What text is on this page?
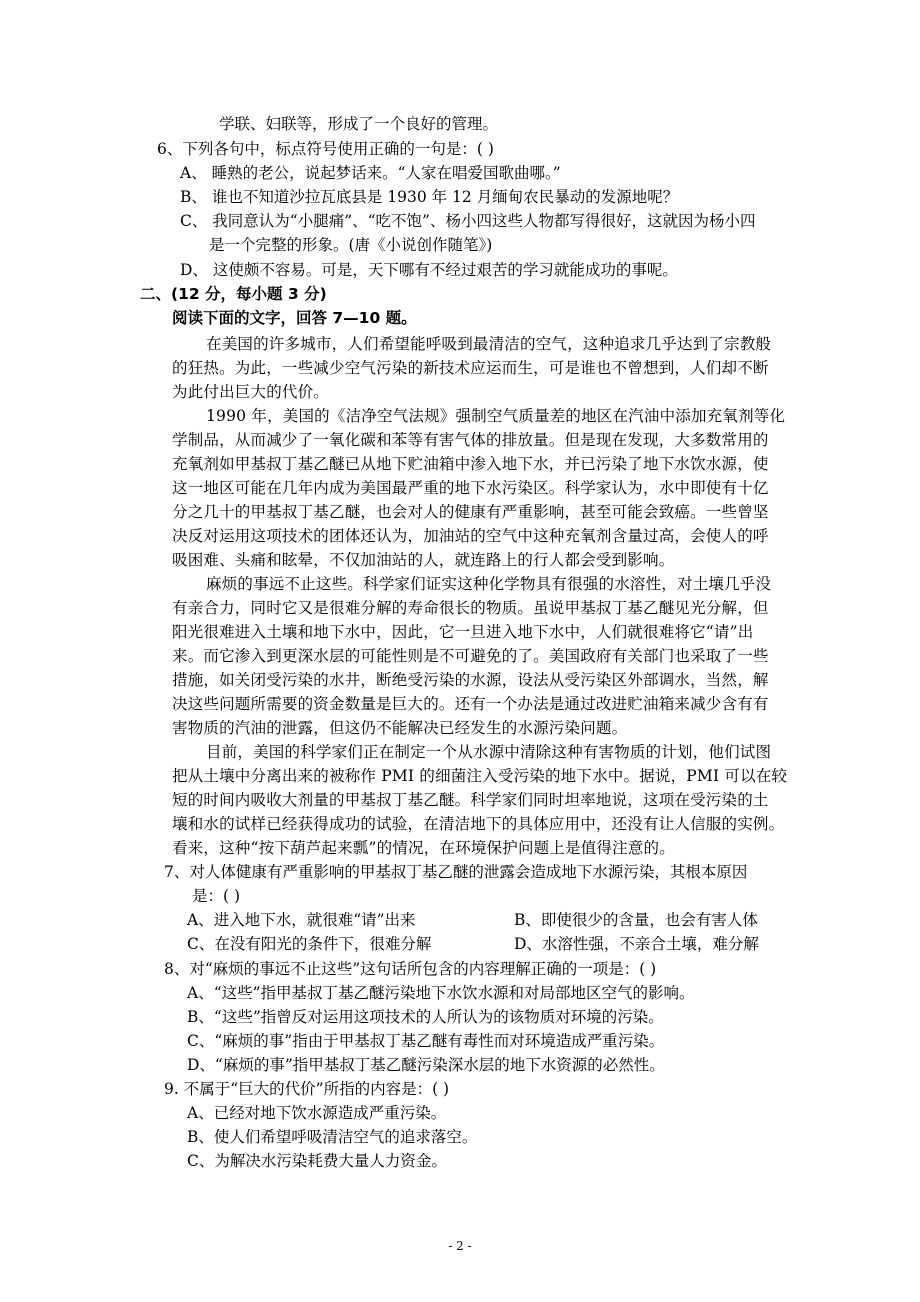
学联、妇联等，形成了一个良好的管理。
6、下列各句中，标点符号使用正确的一句是：( )
A、 睡熟的老公，说起梦话来。“人家在唱爱国歌曲哪。”
B、 谁也不知道沙拉瓦底县是 1930 年 12 月缅甸农民暴动的发源地呢？
C、 我同意认为“小腿痛”、“吃不饱”、杨小四这些人物都写得很好，这就因为杨小四
是一个完整的形象。(唐《小说创作随笔》)
D、 这使颇不容易。可是，天下哪有不经过艰苦的学习就能成功的事呢。
二、(12 分，每小题 3 分)
阅读下面的文字，回答 7—10 题。
在美国的许多城市，人们希望能呼吸到最清洁的空气，这种追求几乎达到了宗教般
的狂热。为此，一些减少空气污染的新技术应运而生，可是谁也不曾想到，人们却不断
为此付出巨大的代价。
1990 年，美国的《洁净空气法规》强制空气质量差的地区在汽油中添加充氧剂等化
学制品，从而减少了一氧化碳和苯等有害气体的排放量。但是现在发现，大多数常用的
充氧剂如甲基叔丁基乙醚已从地下贮油箱中渗入地下水，并已污染了地下水饮水源，使
这一地区可能在几年内成为美国最严重的地下水污染区。科学家认为，水中即使有十亿
分之几十的甲基叔丁基乙醚，也会对人的健康有严重影响，甚至可能会致癌。一些曾坚
决反对运用这项技术的团体还认为，加油站的空气中这种充氧剂含量过高，会使人的呼
吸困难、头痛和眩晕，不仅加油站的人，就连路上的行人都会受到影响。
麻烦的事远不止这些。科学家们证实这种化学物具有很强的水溶性，对土壤几乎没
有亲合力，同时它又是很难分解的寿命很长的物质。虽说甲基叔丁基乙醚见光分解，但
阳光很难进入土壤和地下水中，因此，它一旦进入地下水中，人们就很难将它“请”出
来。而它渗入到更深水层的可能性则是不可避免的了。美国政府有关部门也采取了一些
措施，如关闭受污染的水井，断绝受污染的水源，设法从受污染区外部调水，当然，解
决这些问题所需要的资金数量是巨大的。还有一个办法是通过改进贮油箱来减少含有有
害物质的汽油的泄露，但这仍不能解决已经发生的水源污染问题。
目前，美国的科学家们正在制定一个从水源中清除这种有害物质的计划，他们试图
把从土壤中分离出来的被称作 PMI 的细菌注入受污染的地下水中。据说，PMI 可以在较
短的时间内吸收大剂量的甲基叔丁基乙醚。科学家们同时坦率地说，这项在受污染的土
壤和水的试样已经获得成功的试验，在清洁地下的具体应用中，还没有让人信服的实例。
看来，这种“按下葫芦起来瓢”的情况，在环境保护问题上是值得注意的。
7、对人体健康有严重影响的甲基叔丁基乙醚的泄露会造成地下水源污染，其根本原因
是：( )
A、进入地下水，就很难“请”出来	B、即使很少的含量，也会有害人体
C、在没有阳光的条件下，很难分解	D、水溶性强，不亲合土壤，难分解
8、对“麻烦的事远不止这些”这句话所包含的内容理解正确的一项是：( )
A、“这些”指甲基叔丁基乙醚污染地下水饮水源和对局部地区空气的影响。
B、“这些”指曾反对运用这项技术的人所认为的该物质对环境的污染。
C、“麻烦的事”指由于甲基叔丁基乙醚有毒性而对环境造成严重污染。
D、“麻烦的事”指甲基叔丁基乙醚污染深水层的地下水资源的必然性。
9. 不属于“巨大的代价”所指的内容是：( )
A、已经对地下饮水源造成严重污染。
B、使人们希望呼吸清洁空气的追求落空。
C、为解决水污染耗费大量人力资金。
- 2 -
